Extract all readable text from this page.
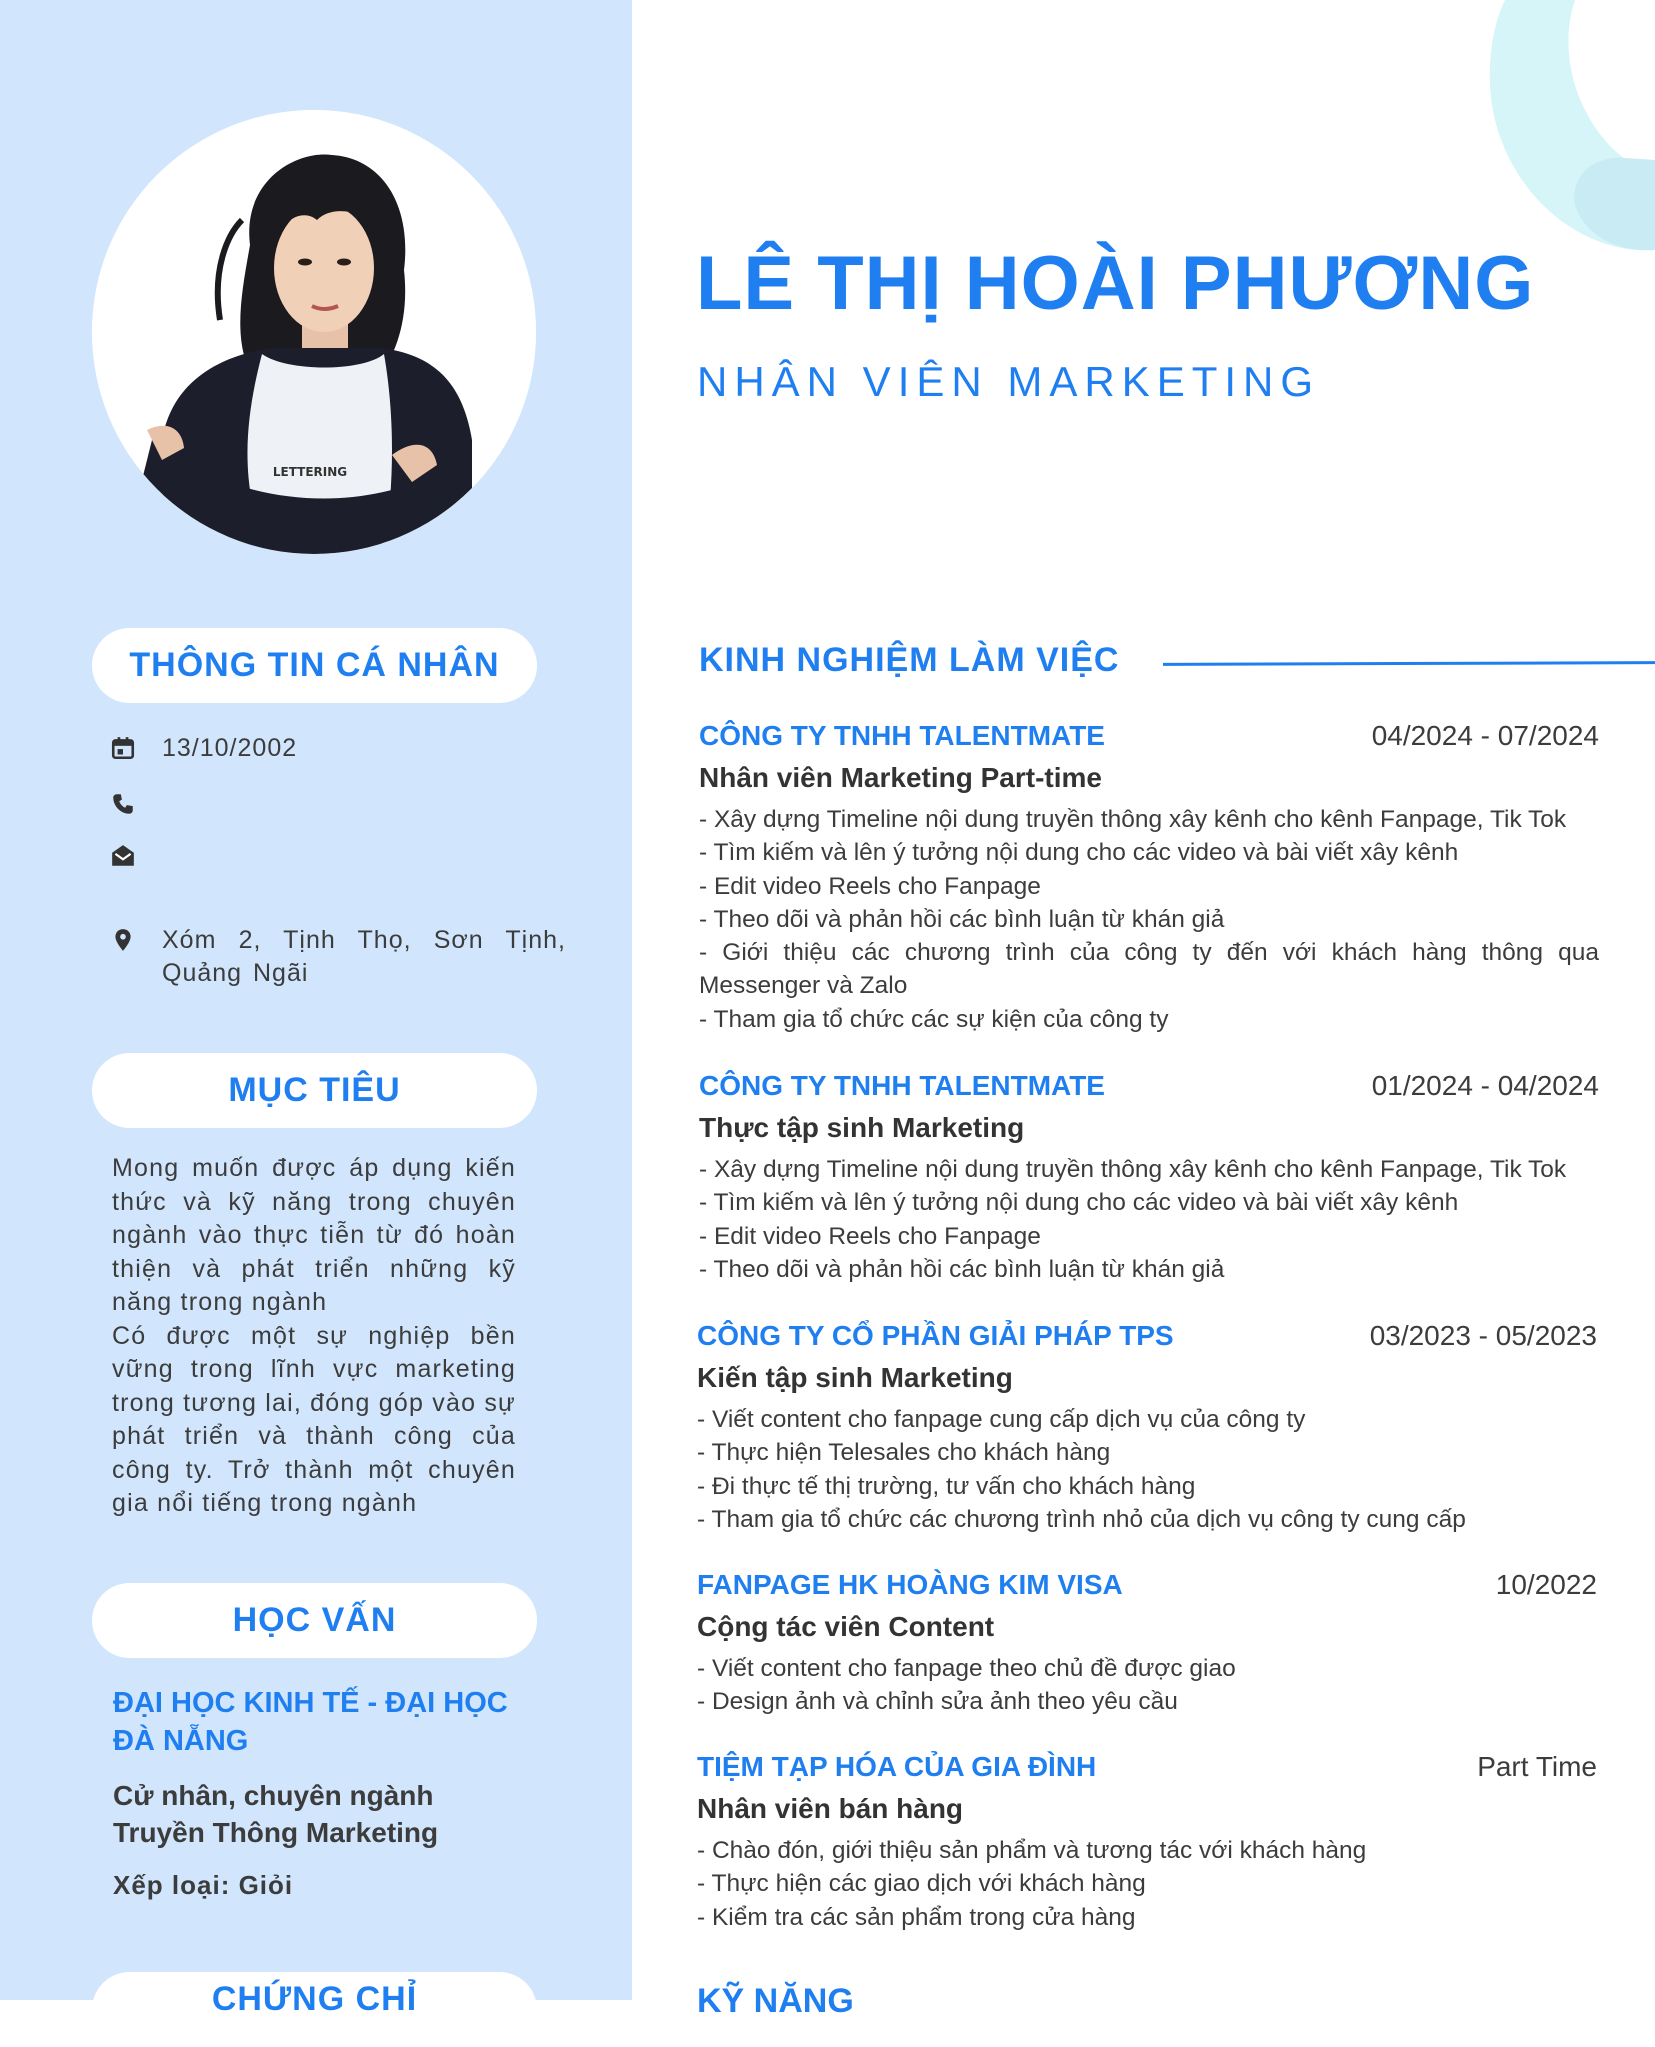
LETTERING
THÔNG TIN CÁ NHÂN
13/10/2002
Xóm 2, Tịnh Thọ, Sơn Tịnh, Quảng Ngãi
MỤC TIÊU

Mong muốn được áp dụng kiến thức và kỹ năng trong chuyên ngành vào thực tiễn từ đó hoàn thiện và phát triển những kỹ năng trong ngành

Có được một sự nghiệp bền vững trong lĩnh vực marketing trong tương lai, đóng góp vào sự phát triển và thành công của công ty. Trở thành một chuyên gia nổi tiếng trong ngành

HỌC VẤN
ĐẠI HỌC KINH TẾ - ĐẠI HỌC ĐÀ NẴNG
Cử nhân, chuyên ngành Truyền Thông Marketing
Xếp loại: Giỏi
CHỨNG CHỈ
LÊ THỊ HOÀI PHƯƠNG
NHÂN VIÊN MARKETING
KINH NGHIỆM LÀM VIỆC
CÔNG TY TNHH TALENTMATE	04/2024 - 07/2024
Nhân viên Marketing Part-time
- Xây dựng Timeline nội dung truyền thông xây kênh cho kênh Fanpage, Tik Tok
- Tìm kiếm và lên ý tưởng nội dung cho các video và bài viết xây kênh
- Edit video Reels cho Fanpage
- Theo dõi và phản hồi các bình luận từ khán giả
- Giới thiệu các chương trình của công ty đến với khách hàng thông qua Messenger và Zalo
- Tham gia tổ chức các sự kiện của công ty
CÔNG TY TNHH TALENTMATE	01/2024 - 04/2024
Thực tập sinh Marketing
- Xây dựng Timeline nội dung truyền thông xây kênh cho kênh Fanpage, Tik Tok
- Tìm kiếm và lên ý tưởng nội dung cho các video và bài viết xây kênh
- Edit video Reels cho Fanpage
- Theo dõi và phản hồi các bình luận từ khán giả
CÔNG TY CỔ PHẦN GIẢI PHÁP TPS	03/2023 - 05/2023
Kiến tập sinh Marketing
- Viết content cho fanpage cung cấp dịch vụ của công ty
- Thực hiện Telesales cho khách hàng
- Đi thực tế thị trường, tư vấn cho khách hàng
- Tham gia tổ chức các chương trình nhỏ của dịch vụ công ty cung cấp
FANPAGE HK HOÀNG KIM VISA	10/2022
Cộng tác viên Content
- Viết content cho fanpage theo chủ đề được giao
- Design ảnh và chỉnh sửa ảnh theo yêu cầu
TIỆM TẠP HÓA CỦA GIA ĐÌNH	Part Time
Nhân viên bán hàng
- Chào đón, giới thiệu sản phẩm và tương tác với khách hàng
- Thực hiện các giao dịch với khách hàng
- Kiểm tra các sản phẩm trong cửa hàng
KỸ NĂNG
